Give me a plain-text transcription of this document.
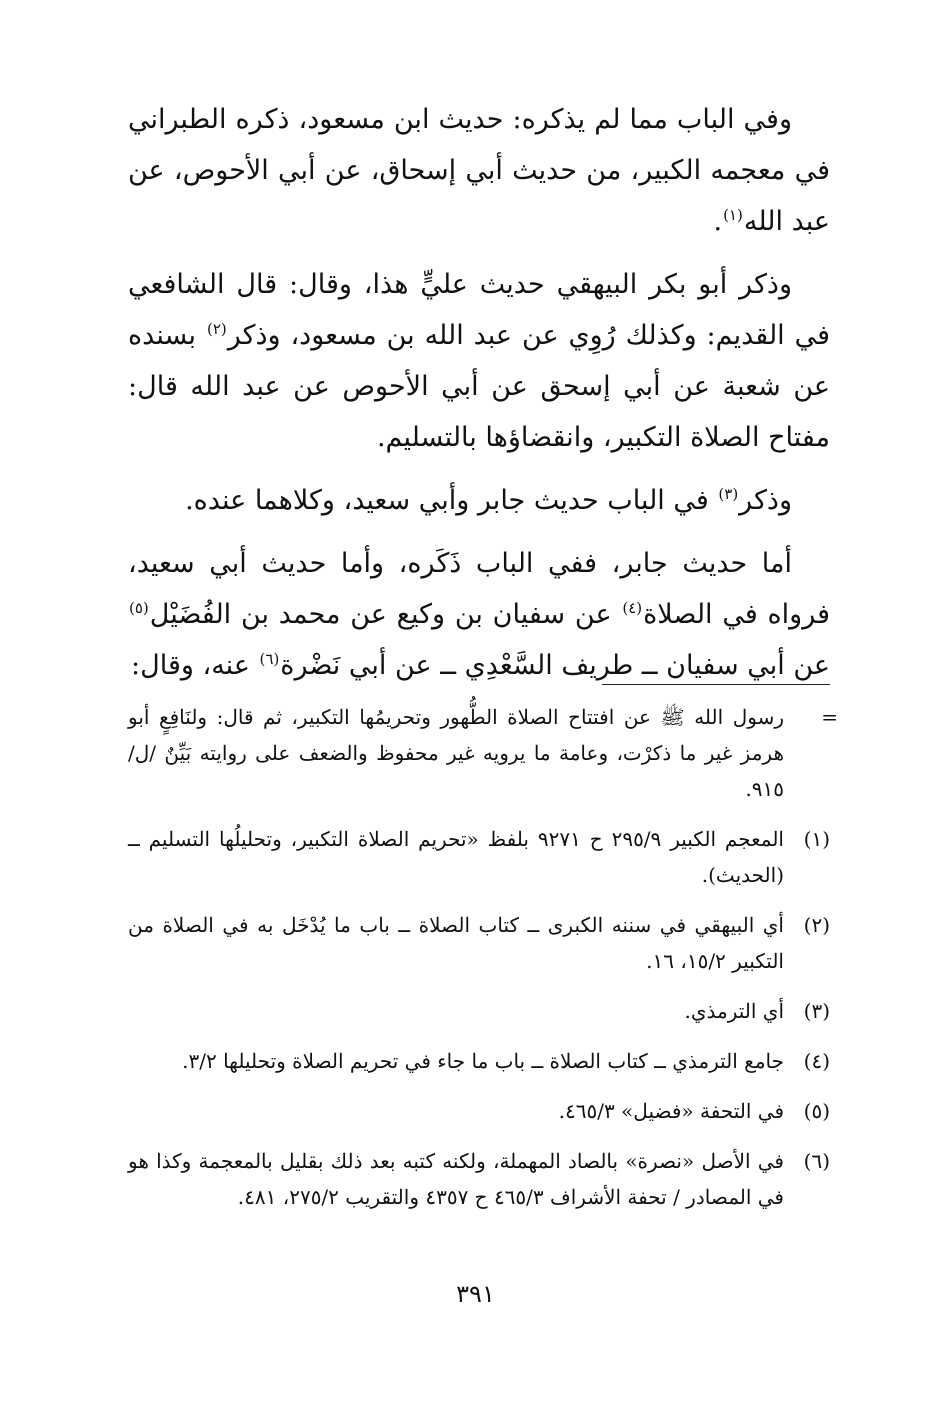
وفي الباب مما لم يذكره: حديث ابن مسعود، ذكره الطبراني في معجمه الكبير، من حديث أبي إسحاق، عن أبي الأحوص، عن عبد الله$^{(١)}$.

وذكر أبو بكر البيهقي حديث عليٍّ هذا، وقال: قال الشافعي في القديم: وكذلك رُوِي عن عبد الله بن مسعود، وذكر$^{(٢)}$ بسنده عن شعبة عن أبي إسحق عن أبي الأحوص عن عبد الله قال: مفتاح الصلاة التكبير، وانقضاؤها بالتسليم.

وذكر$^{(٣)}$ في الباب حديث جابر وأبي سعيد، وكلاهما عنده.

أما حديث جابر، ففي الباب ذَكَره، وأما حديث أبي سعيد، فرواه في الصلاة$^{(٤)}$ عن سفيان بن وكيع عن محمد بن الفُضَيْل$^{(٥)}$ عن أبي سفيان ــ طريف السَّعْدِي ــ عن أبي نَضْرة$^{(٦)}$ عنه، وقال:

=
رسول الله ﷺ عن افتتاح الصلاة الطُّهور وتحريمُها التكبير، ثم قال: ولنَافِعٍ أبو هرمز غير ما ذكرْت، وعامة ما يرويه غير محفوظ والضعف على روايته بَيِّنٌ /ل/٩١٥.
(١)
المعجم الكبير ٢٩٥/٩ ح ٩٢٧١ بلفظ «تحريم الصلاة التكبير، وتحليلُها التسليم ــ (الحديث).
(٢)
أي البيهقي في سننه الكبرى ــ كتاب الصلاة ــ باب ما يُدْخَل به في الصلاة من التكبير ١٥/٢، ١٦.
(٣)
أي الترمذي.
(٤)
جامع الترمذي ــ كتاب الصلاة ــ باب ما جاء في تحريم الصلاة وتحليلها ٣/٢.
(٥)
في التحفة «فضيل» ٤٦٥/٣.
(٦)
في الأصل «نصرة» بالصاد المهملة، ولكنه كتبه بعد ذلك بقليل بالمعجمة وكذا هو في المصادر / تحفة الأشراف ٤٦٥/٣ ح ٤٣٥٧ والتقريب ٢٧٥/٢، ٤٨١.
٣٩١
